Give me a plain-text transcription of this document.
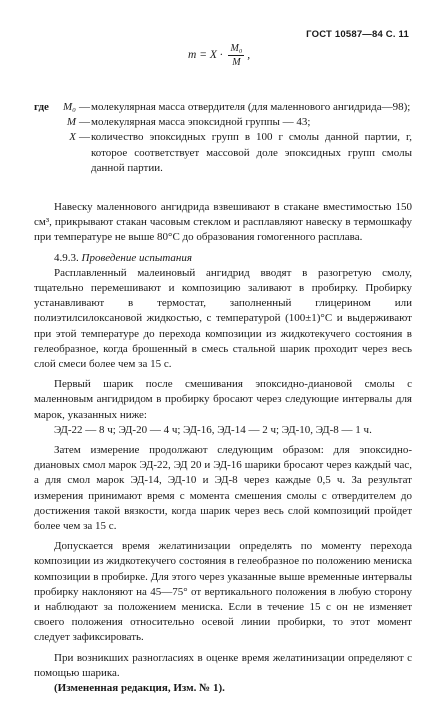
ГОСТ 10587—84 С. 11
$m = X \cdot \frac{\text{M₀}}{M}$ ,
где	M₀ — молекулярная масса отвердителя (для маленнового ангидрида—98);
M — молекулярная масса эпоксидной группы — 43;
X — количество эпоксидных групп в 100 г смолы данной партии, г, которое соответствует массовой доле эпоксидных групп смолы данной партии.

Навеску маленнового ангидрида взвешивают в стакане вместимостью 150 см³, прикрывают стакан часовым стеклом и расплавляют навеску в термошкафу при температуре не выше 80°С до образования гомогенного расплава.

4.9.3. Проведение испытания

Расплавленный малеиновый ангидрид вводят в разогретую смолу, тщательно перемешивают и композицию заливают в пробирку. Пробирку устанавливают в термостат, заполненный глицерином или полиэтилсилоксановой жидкостью, с температурой (100±1)°С и выдерживают при этой температуре до перехода композиции из жидкотекучего состояния в гелеобразное, когда брошенный в смесь стальной шарик проходит через весь слой смеси более чем за 15 с.

Первый шарик после смешивания эпоксидно-диановой смолы с маленновым ангидридом в пробирку бросают через следующие интервалы для марок, указанных ниже:

ЭД-22 — 8 ч; ЭД-20 — 4 ч; ЭД-16, ЭД-14 — 2 ч; ЭД-10, ЭД-8 — 1 ч.

Затем измерение продолжают следующим образом: для эпоксидно-диановых смол марок ЭД-22, ЭД 20 и ЭД-16 шарики бросают через каждый час, а для смол марок ЭД-14, ЭД-10 и ЭД-8 через каждые 0,5 ч. За результат измерения принимают время с момента смешения смолы с отвердителем до достижения такой вязкости, когда шарик через весь слой композиций пройдет более чем за 15 с.

Допускается время желатинизации определять по моменту перехода композиции из жидкотекучего состояния в гелеобразное по положению мениска композиции в пробирке. Для этого через указанные выше временные интервалы пробирку наклоняют на 45—75° от вертикального положения в любую сторону и наблюдают за положением мениска. Если в течение 15 с он не изменяет своего положения относительно осевой линии пробирки, то этот момент следует зафиксировать.

При возникших разногласиях в оценке время желатинизации определяют с помощью шарика.

(Измененная редакция, Изм. № 1).
